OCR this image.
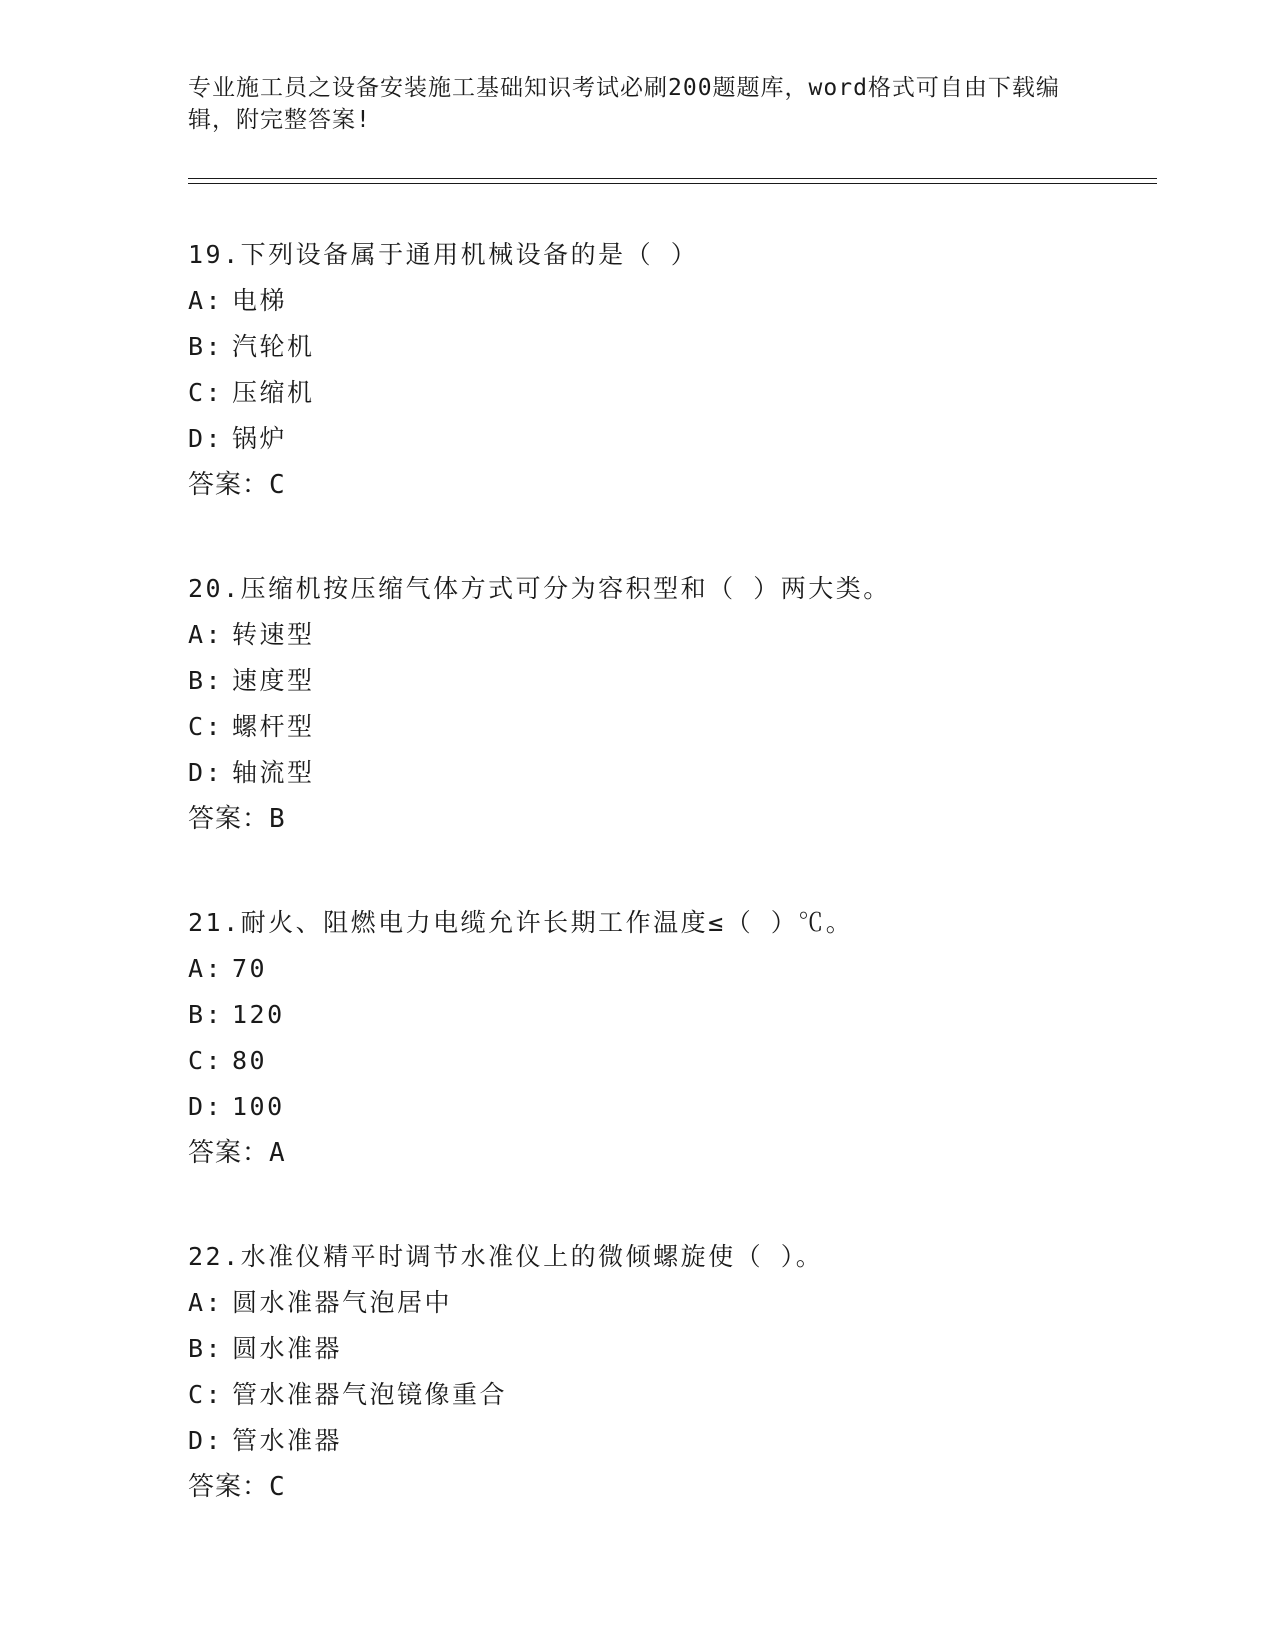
专业施工员之设备安装施工基础知识考试必刷200题题库，word格式可自由下载编辑，附完整答案!
19.下列设备属于通用机械设备的是（ ）
A: 电梯
B: 汽轮机
C: 压缩机
D: 锅炉
答案：C
20.压缩机按压缩气体方式可分为容积型和（ ）两大类。
A: 转速型
B: 速度型
C: 螺杆型
D: 轴流型
答案：B
21.耐火、阻燃电力电缆允许长期工作温度≤（ ）℃。
A: 70
B: 120
C: 80
D: 100
答案：A
22.水准仪精平时调节水准仪上的微倾螺旋使（ ）。
A: 圆水准器气泡居中
B: 圆水准器
C: 管水准器气泡镜像重合
D: 管水准器
答案：C
